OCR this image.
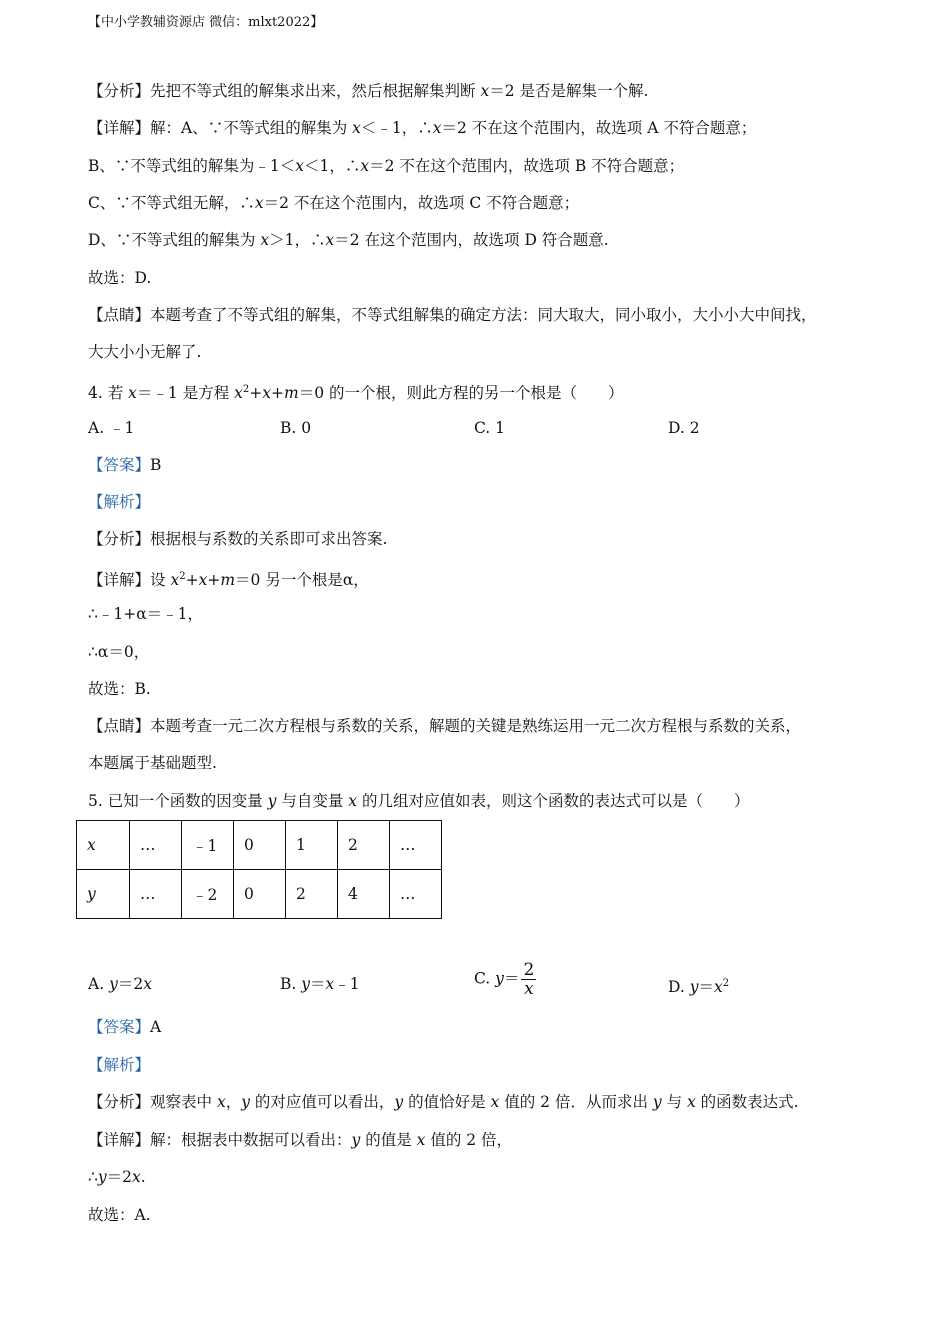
【中小学教辅资源店 微信：mlxt2022】
【分析】先把不等式组的解集求出来，然后根据解集判断 x＝2 是否是解集一个解.
【详解】解：A、∵不等式组的解集为 x＜﹣1，∴x＝2 不在这个范围内，故选项 A 不符合题意；
B、∵不等式组的解集为﹣1＜x＜1，∴x＝2 不在这个范围内，故选项 B 不符合题意；
C、∵不等式组无解，∴x＝2 不在这个范围内，故选项 C 不符合题意；
D、∵不等式组的解集为 x＞1，∴x＝2 在这个范围内，故选项 D 符合题意.
故选：D.
【点睛】本题考查了不等式组的解集，不等式组解集的确定方法：同大取大，同小取小，大小小大中间找，
大大小小无解了.
4. 若 x＝﹣1 是方程 $x^2+x+m=0$ 的一个根，则此方程的另一个根是（　　）
A. ﹣1	B. 0	C. 1	D. 2
【答案】B
【解析】
【分析】根据根与系数的关系即可求出答案.
【详解】设 $x^2+x+m=0$ 另一个根是α，
∴﹣1+α＝﹣1，
∴α＝0，
故选：B.
【点睛】本题考查一元二次方程根与系数的关系，解题的关键是熟练运用一元二次方程根与系数的关系，
本题属于基础题型.
5. 已知一个函数的因变量 y 与自变量 x 的几组对应值如表，则这个函数的表达式可以是（　　）
x	…	﹣1	0	1	2	…
y	…	﹣2	0	2	4	…
A. y＝2x	B. y＝x﹣1	C. $y= \frac{2}{x}$	D. $y=x^2$
【答案】A
【解析】
【分析】观察表中 x，y 的对应值可以看出，y 的值恰好是 x 值的 2 倍．从而求出 y 与 x 的函数表达式.
【详解】解：根据表中数据可以看出：y 的值是 x 值的 2 倍，
∴y＝2x.
故选：A.
